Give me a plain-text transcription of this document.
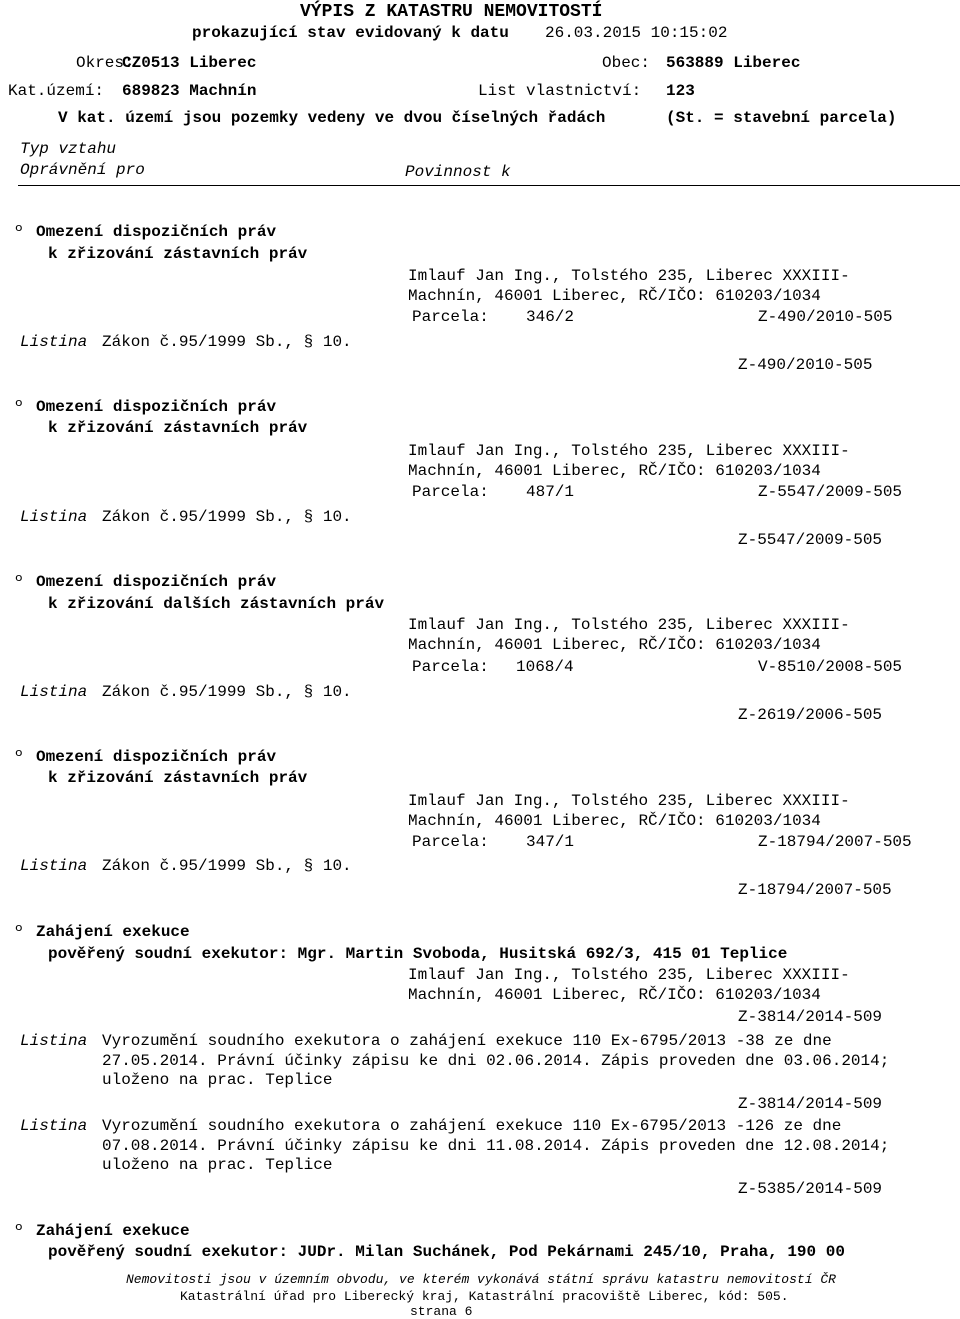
VÝPIS Z KATASTRU NEMOVITOSTÍ
prokazující stav evidovaný k datu 26.03.2015 10:15:02
Okres:
CZ0513 Liberec	Obec: 563889 Liberec
Kat.území: 689823 Machnín	List vlastnictví: 123
V kat. území jsou pozemky vedeny ve dvou číselných řadách	(St. = stavební parcela)
Typ vztahu
Oprávnění pro	Povinnost k
º Omezení dispozičních práv
k zřizování zástavních práv
Imlauf Jan Ing., Tolstého 235, Liberec XXXIII-
Machnín, 46001 Liberec, RČ/IČO: 610203/1034
Parcela: 346/2	Z-490/2010-505
Listina Zákon č.95/1999 Sb., § 10.
Z-490/2010-505
º Omezení dispozičních práv
k zřizování zástavních práv
Imlauf Jan Ing., Tolstého 235, Liberec XXXIII-
Machnín, 46001 Liberec, RČ/IČO: 610203/1034
Parcela: 487/1	Z-5547/2009-505
Listina Zákon č.95/1999 Sb., § 10.
Z-5547/2009-505
º Omezení dispozičních práv
k zřizování dalších zástavních práv
Imlauf Jan Ing., Tolstého 235, Liberec XXXIII-
Machnín, 46001 Liberec, RČ/IČO: 610203/1034
Parcela: 1068/4	V-8510/2008-505
Listina Zákon č.95/1999 Sb., § 10.
Z-2619/2006-505
º Omezení dispozičních práv
k zřizování zástavních práv
Imlauf Jan Ing., Tolstého 235, Liberec XXXIII-
Machnín, 46001 Liberec, RČ/IČO: 610203/1034
Parcela: 347/1	Z-18794/2007-505
Listina Zákon č.95/1999 Sb., § 10.
Z-18794/2007-505
º Zahájení exekuce
pověřený soudní exekutor: Mgr. Martin Svoboda, Husitská 692/3, 415 01 Teplice
Imlauf Jan Ing., Tolstého 235, Liberec XXXIII-
Machnín, 46001 Liberec, RČ/IČO: 610203/1034
Z-3814/2014-509
Listina Vyrozumění soudního exekutora o zahájení exekuce 110 Ex-6795/2013 -38 ze dne
27.05.2014. Právní účinky zápisu ke dni 02.06.2014. Zápis proveden dne 03.06.2014;
uloženo na prac. Teplice
Z-3814/2014-509
Listina Vyrozumění soudního exekutora o zahájení exekuce 110 Ex-6795/2013 -126 ze dne
07.08.2014. Právní účinky zápisu ke dni 11.08.2014. Zápis proveden dne 12.08.2014;
uloženo na prac. Teplice
Z-5385/2014-509
º Zahájení exekuce
pověřený soudní exekutor: JUDr. Milan Suchánek, Pod Pekárnami 245/10, Praha, 190 00
Nemovitosti jsou v územním obvodu, ve kterém vykonává státní správu katastru nemovitostí ČR
Katastrální úřad pro Liberecký kraj, Katastrální pracoviště Liberec, kód: 505.
strana 6
